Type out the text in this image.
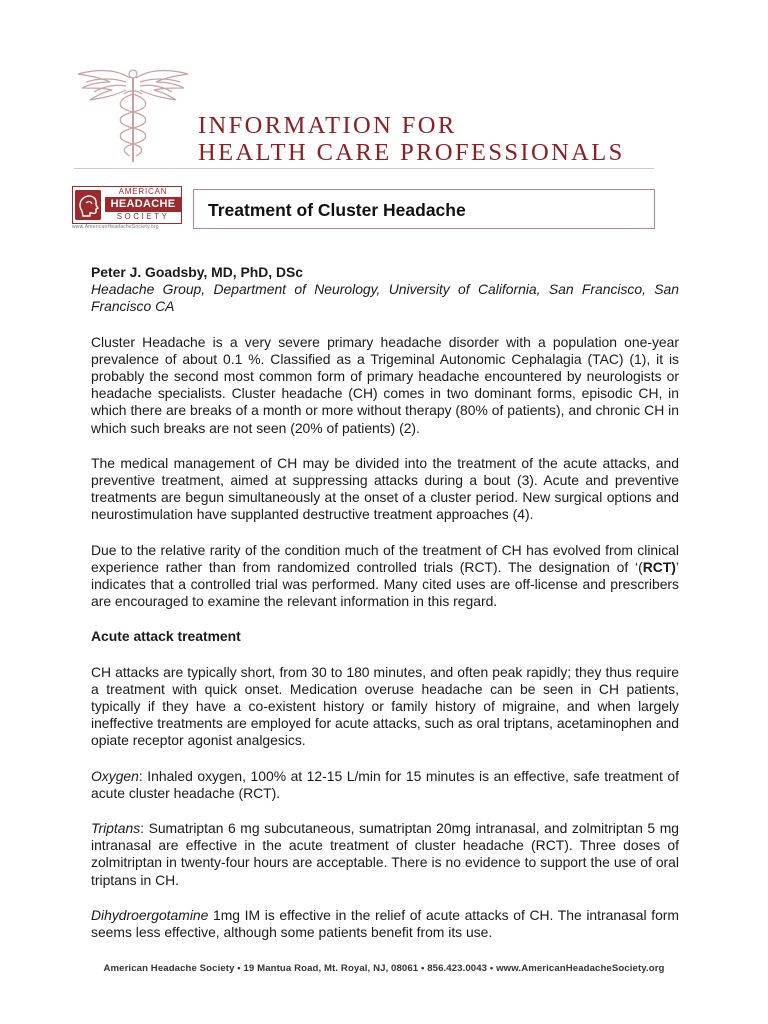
INFORMATION FOR
HEALTH CARE PROFESSIONALS
AMERICAN
HEADACHE
SOCIETY
www.AmericanHeadacheSociety.org
Treatment of Cluster Headache

Peter J. Goadsby, MD, PhD, DSc

Headache Group, Department of Neurology, University of California, San Francisco, San Francisco CA

Cluster Headache is a very severe primary headache disorder with a population one-year prevalence of about 0.1 %. Classified as a Trigeminal Autonomic Cephalagia (TAC) (1), it is probably the second most common form of primary headache encountered by neurologists or headache specialists. Cluster headache (CH) comes in two dominant forms, episodic CH, in which there are breaks of a month or more without therapy (80% of patients), and chronic CH in which such breaks are not seen (20% of patients) (2).

The medical management of CH may be divided into the treatment of the acute attacks, and preventive treatment, aimed at suppressing attacks during a bout (3). Acute and preventive treatments are begun simultaneously at the onset of a cluster period. New surgical options and neurostimulation have supplanted destructive treatment approaches (4).

Due to the relative rarity of the condition much of the treatment of CH has evolved from clinical experience rather than from randomized controlled trials (RCT). The designation of ‘(RCT)’ indicates that a controlled trial was performed. Many cited uses are off-license and prescribers are encouraged to examine the relevant information in this regard.

Acute attack treatment

CH attacks are typically short, from 30 to 180 minutes, and often peak rapidly; they thus require a treatment with quick onset. Medication overuse headache can be seen in CH patients, typically if they have a co-existent history or family history of migraine, and when largely ineffective treatments are employed for acute attacks, such as oral triptans, acetaminophen and opiate receptor agonist analgesics.

Oxygen: Inhaled oxygen, 100% at 12-15 L/min for 15 minutes is an effective, safe treatment of acute cluster headache (RCT).

Triptans: Sumatriptan 6 mg subcutaneous, sumatriptan 20mg intranasal, and zolmitriptan 5 mg intranasal are effective in the acute treatment of cluster headache (RCT). Three doses of zolmitriptan in twenty-four hours are acceptable. There is no evidence to support the use of oral triptans in CH.

Dihydroergotamine 1mg IM is effective in the relief of acute attacks of CH. The intranasal form seems less effective, although some patients benefit from its use.

American Headache Society • 19 Mantua Road, Mt. Royal, NJ, 08061 • 856.423.0043 • www.AmericanHeadacheSociety.org
